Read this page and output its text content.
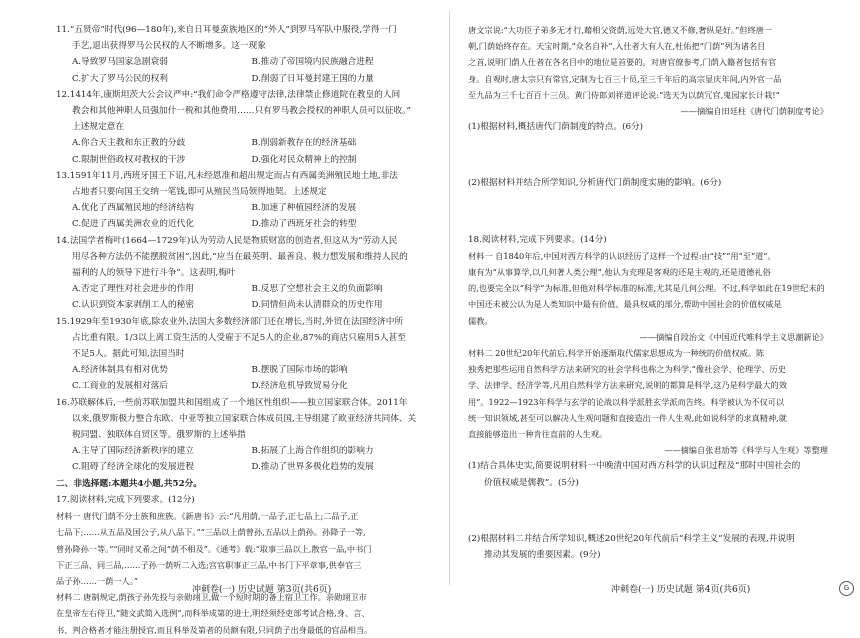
11.“五贤帝”时代(96—180年),来自日耳曼蛮族地区的“外人”到罗马军队中服役,学得一门

手艺,退出获得罗马公民权的人不断增多。这一现象

A.导致罗马国家急剧衰弱	B.推动了帝国境内民族融合进程

C.扩大了罗马公民的权利	D.削弱了日耳曼封建王国的力量

12.1414年,康斯坦茨大公会议严申:“我们命令严格遵守法律,法律禁止修道院在教皇的人间

教会和其他神职人员强加什一税和其他费用……只有罗马教会授权的神职人员可以征收。”

上述规定意在

A.你合天主教和东正教的分歧	B.削弱新教存在的经济基础

C.限制世俗政权对教权的干涉	D.强化对民众精神上的控制

13.1591年11月,西班牙国王下诏,凡未经恩准和超出规定而占有西属美洲殖民地土地,非法

占地者只要向国王交纳一笔钱,即可从殖民当局领得地契。上述规定

A.优化了西属殖民地的经济结构	B.加速了种植园经济的发展

C.促进了西属美洲农业的近代化	D.推动了西班牙社会的转型

14.法国学者梅叶(1664—1729年)认为劳动人民是物质财富的创造者,但这从为“劳动人民

用尽各种方法仍不能摆脱贫困”,因此,“应当在最英明、最善良、极力想发展和维持人民的

福利的人的领导下进行斗争”。这表明,梅叶

A.否定了理性对社会进步的作用	B.反思了空想社会主义的负面影响

C.认识到资本家剥削工人的秘密	D.同情但尚未认清群众的历史作用

15.1929年至1930年底,除农业外,法国大多数经济部门还在增长,当时,外贸在法国经济中所

占比重有限。1/3以上离工资生活的人受雇于不足5人的企业,87%的商店只雇用5人甚至

不足5人。据此可知,法国当时

A.经济体制具有相对优势	B.摆脱了国际市场的影响

C.工商业的发展相对落后	D.经济危机导致贸易分化

16.苏联解体后,一些前苏联加盟共和国组成了一个地区性组织——独立国家联合体。2011年

以来,俄罗斯极力整合东欧、中亚等独立国家联合体成员国,主导组建了欧亚经济共同体、关

税同盟、独联体自贸区等。俄罗斯的上述举措

A.主导了国际经济新秩序的建立	B.拓展了上海合作组织的影响力

C.阻碍了经济全球化的发展进程	D.推动了世界多极化趋势的发展

二、非选择题:本题共4小题,共52分。

17.阅读材料,完成下列要求。(12分)

材料一 唐代门荫不分士族和庶族。《新唐书》云:“凡用荫,一品子,正七品上;二品子,正

七品下;……从五品及国公子,从八品下。”“三品以上荫曾孙,五品以上荫孙。孙降子一等,

曾孙降孙一等。”“同时又希之间“荫不相及”。《通考》载:“取事三品以上,散官一品,中书门

下正三品、同三品,……子孙一荫听二入选;宫官职事正三品,中书门下平章事,供奉官三

品子孙……一荫一人。”

材料二 唐制规定,荫孩子孙先投与亲勋翊卫,做一个短时期的备上宿卫工作。亲勋翊卫市

在皇帝左右侍卫,“随文武简入选例”,而科举成第的进士,明经须经吏部考试合格,身、言、

书、判合格者才能注册授官,而且科举及第者的员额有限,只同荫子出身最低的官品相当。

唐文宗说:“大功臣子弟多无才行,藉相父资荫,远处大官,德又不修,奢纵是好。”但终唐一

朝,门荫始终存在。天宝时期,“众名自补”,入仕者大有人在,杜佑把“门荫”列为诸名目

之首,说明门荫人仕者在各名目中的地位是首要的。对唐官僚参考,门荫入籍者包括有官

身。自观时,唐太宗只有常官,定制为七百三十员,至三千年后的高宗显庆年间,内外官一品

至九品为三千七百百十三员。黄门侍郎刘祥道评论说:“选天为以荫冗官,鬼园家长计栽!”

——摘编自田廷柱《唐代门荫制度考论》

(1)根据材料,概括唐代门荫制度的特点。(6分)

(2)根据材料并结合所学知识,分析唐代门荫制度实施的影响。(6分)

18.阅读材料,完成下列要求。(14分)

材料一 自1840年后,中国对西方科学的认识经历了这样一个过程:由“技”“用”至“道”。

康有为“从事算学,以几何著人类公理”,他认为充理是客观的还是主观的,还是道德礼俗

的,也要完全以“科学”为标准,但他对科学标准的标准,尤其是几何公理。不过,科学如此在19世纪末的

中国还未被公认为是人类知识中最有价值、最具权威的部分,帮助中国社会的价值权威是

儒教。

——摘编自段治文《中国近代唯科学主义思潮新论》

材料二 20世纪20年代前后,科学开始逐渐取代儒家思想成为一种统的价值权威。陈

独秀把那些运用自然科学方法来研究的社会学科也称之为科学,“像社会学、伦理学、历史

学、法律学、经济学等,凡用自然科学方法来研究,说明的都算是科学,这乃是科学最大的效

用”。1922—1923年科学与玄学的论战以科学派胜玄学派而告终。科学被认为不仅可以

统一知识领域,甚至可以解决人生观问题和直接造出一件人生观,此如说科学的求真精神,就

直接能够造出一种肯往直前的人生观。

——摘编自张君劢等《科学与人生观》等整理

(1)结合具体史实,简要说明材料一中晚清中国对西方科学的认识过程及“那时中国社会的

价值权威是儒教”。(5分)

(2)根据材料二并结合所学知识,概述20世纪20年代前后“科学主义”发展的表现,并说明

推动其发展的重要因素。(9分)

冲刺卷(一) 历史试题 第3页(共6页)	冲刺卷(一) 历史试题 第4页(共6页)	G
